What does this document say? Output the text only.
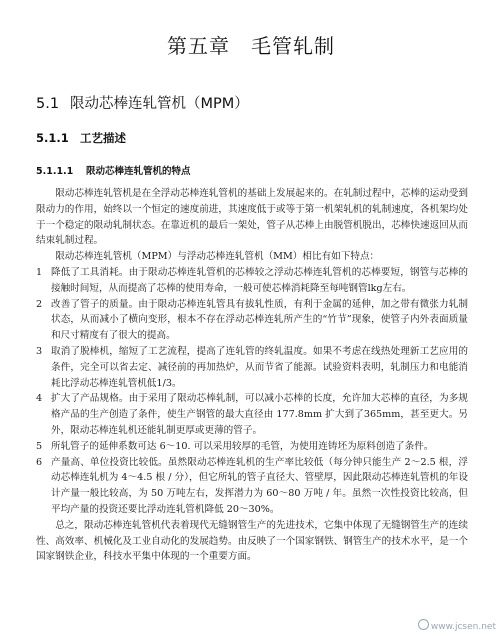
第五章　毛管轧制
5.1 限动芯棒连轧管机（MPM）
5.1.1 工艺描述
5.1.1.1 限动芯棒连轧管机的特点

限动芯棒连轧管机是在全浮动芯棒连轧管机的基础上发展起来的。在轧制过程中，芯棒的运动受到限动力的作用，始终以一个恒定的速度前进，其速度低于或等于第一机架轧机的轧制速度，各机架均处于一个稳定的限动轧制状态。在靠近机的最后一架处，管子从芯棒上由脱管机脱出，芯棒快速返回从而结束轧制过程。

限动芯棒连轧管机（MPM）与浮动芯棒连轧管机（MM）相比有如下特点：

1 降低了工具消耗。由于限动芯棒连轧管机的芯棒较之浮动芯棒连轧管机的芯棒要短，钢管与芯棒的接触时间短，从而提高了芯棒的使用寿命，一般可使芯棒消耗降至每吨钢管lkg左右。
2 改善了管子的质量。由于限动芯棒连轧管具有拔轧性质，有利于金属的延伸，加之带有微张力轧制状态，从而减小了横向变形，根本不存在浮动芯棒连轧所产生的“竹节”现象，使管子内外表面质量和尺寸精度有了很大的提高。
3 取消了脱棒机，缩短了工艺流程，提高了连轧管的终轧温度。如果不考虑在线热处理新工艺应用的条件，完全可以省去定、减径前的再加热炉，从而节省了能源。试验资料表明，轧制压力和电能消耗比浮动芯棒连轧管机低1/3。
4 扩大了产品规格。由于采用了限动芯棒轧制，可以减小芯棒的长度，允许加大芯棒的直径，为多规格产品的生产创造了条件，使生产钢管的最大直径由 177.8mm 扩大到了365mm，甚至更大。另外，限动芯棒连轧机还能轧制更厚或更薄的管子。
5 所轧管子的延伸系数可达 6～10. 可以采用较厚的毛管，为使用连铸坯为原料创造了条件。
6 产量高、单位投资比较低。虽然限动芯棒连轧机的生产率比较低（每分钟只能生产 2～2.5 根，浮动芯棒连轧机为 4～4.5 根 / 分），但它所轧的管子直径大、管壁厚，因此限动芯棒连轧管机的年设计产量一般比较高，为 50 万吨左右，发挥潜力为 60～80 万吨 / 年。虽然一次性投资比较高，但平均产量的投资还要比浮动连轧管机降低 20～30%。

总之，限动芯棒连轧管机代表着现代无缝钢管生产的先进技术，它集中体现了无缝钢管生产的连续性、高效率、机械化及工业自动化的发展趋势。由反映了一个国家钢铁、钢管生产的技术水平，是一个国家钢铁企业，科技水平集中体现的一个重要方面。

www.jcsen.net
